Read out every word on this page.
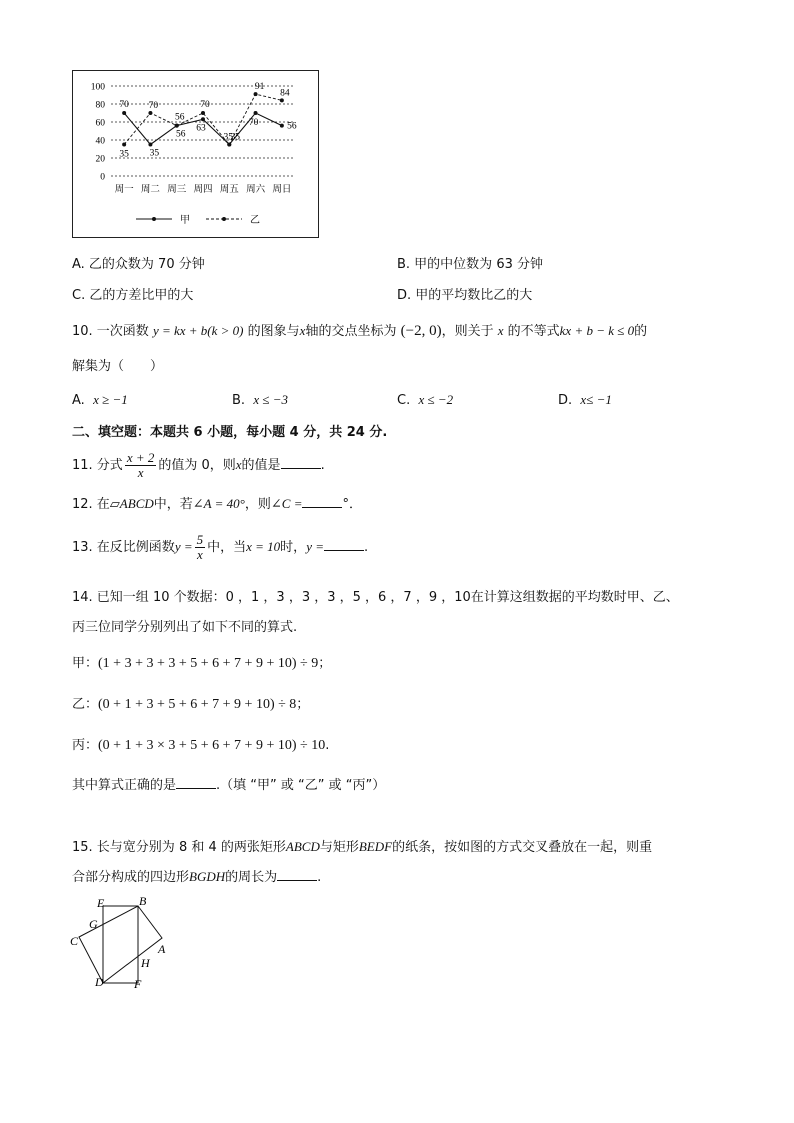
0
20
40
60
80
100
周一 周二 周三 周四 周五 周六 周日
70
35
56
63
35
70	56
35
70
56
70
35
91
84
甲	乙
A. 乙的众数为 70 分钟	B. 甲的中位数为 63 分钟
C. 乙的方差比甲的大	D. 甲的平均数比乙的大
10. 一次函数 y = kx + b(k > 0) 的图象与x轴的交点坐标为 (−2, 0)，则关于 x 的不等式kx + b − k ≤ 0的
解集为（　　）
A. x ≥ −1	B. x ≤ −3	C. x ≤ −2	D. x≤ −1
二、填空题：本题共 6 小题，每小题 4 分，共 24 分.
11. 分式 $\frac{x + 2}{x}$ 的值为 0，则x的值是	.
12. 在▱ABCD中，若∠A = 40°，则∠C =	°．
13. 在反比例函数$y = \frac{5}{x}$ 中，当x = 10时，y =	.
14. 已知一组 10 个数据：0 ，1 ，3 ，3 ，3 ，5 ，6 ，7 ，9 ，10在计算这组数据的平均数时甲、乙、
丙三位同学分别列出了如下不同的算式.
甲：(1 + 3 + 3 + 3 + 5 + 6 + 7 + 9 + 10) ÷ 9；
乙：(0 + 1 + 3 + 5 + 6 + 7 + 9 + 10) ÷ 8；
丙：(0 + 1 + 3 × 3 + 5 + 6 + 7 + 9 + 10) ÷ 10.
其中算式正确的是	.（填 “甲” 或 “乙” 或 “丙”）
15. 长与宽分别为 8 和 4 的两张矩形ABCD与矩形BEDF的纸条，按如图的方式交叉叠放在一起，则重
合部分构成的四边形BGDH的周长为	.
E	B
G
C
A
H
D	F
